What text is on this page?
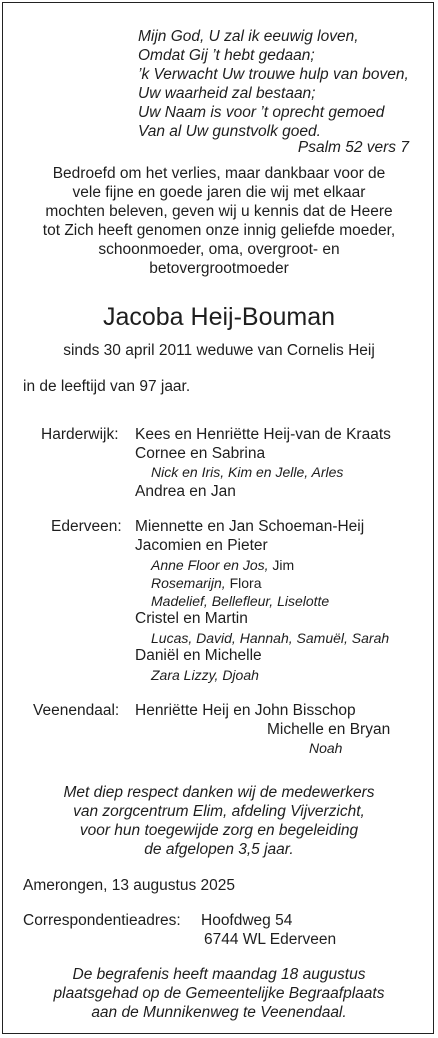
Mijn God, U zal ik eeuwig loven,
Omdat Gij ’t hebt gedaan;
’k Verwacht Uw trouwe hulp van boven,
Uw waarheid zal bestaan;
Uw Naam is voor ’t oprecht gemoed
Van al Uw gunstvolk goed.
Psalm 52 vers 7
Bedroefd om het verlies, maar dankbaar voor de
vele fijne en goede jaren die wij met elkaar
mochten beleven, geven wij u kennis dat de Heere
tot Zich heeft genomen onze innig geliefde moeder,
schoonmoeder, oma, overgroot- en
betovergrootmoeder
Jacoba Heij-Bouman
sinds 30 april 2011 weduwe van Cornelis Heij
in de leeftijd van 97 jaar.
Harderwijk: Kees en Henriëtte Heij-van de Kraats
Cornee en Sabrina
Nick en Iris, Kim en Jelle, Arles
Andrea en Jan
Ederveen: Miennette en Jan Schoeman-Heij
Jacomien en Pieter
Anne Floor en Jos, Jim
Rosemarijn, Flora
Madelief, Bellefleur, Liselotte
Cristel en Martin
Lucas, David, Hannah, Samuël, Sarah
Daniël en Michelle
Zara Lizzy, Djoah
Veenendaal: Henriëtte Heij en John Bisschop
Michelle en Bryan
Noah
Met diep respect danken wij de medewerkers
van zorgcentrum Elim, afdeling Vijverzicht,
voor hun toegewijde zorg en begeleiding
de afgelopen 3,5 jaar.
Amerongen, 13 augustus 2025
Correspondentieadres: Hoofdweg 54
6744 WL Ederveen
De begrafenis heeft maandag 18 augustus
plaatsgehad op de Gemeentelijke Begraafplaats
aan de Munnikenweg te Veenendaal.
